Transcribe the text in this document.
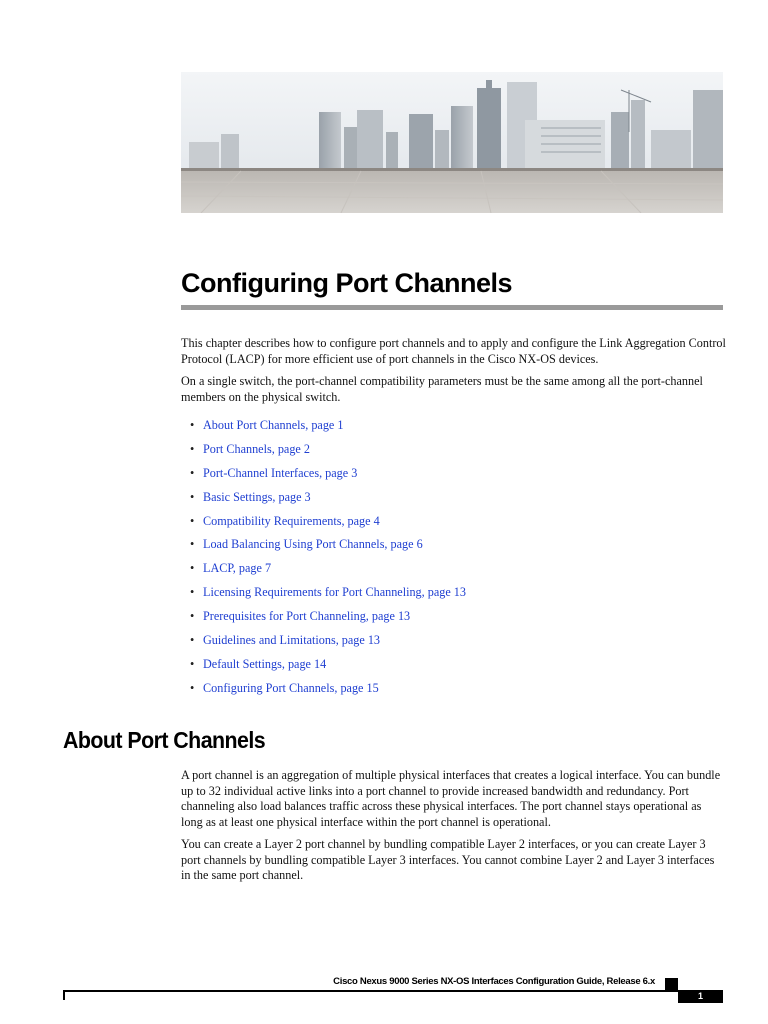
Configuring Port Channels

This chapter describes how to configure port channels and to apply and configure the Link Aggregation Control Protocol (LACP) for more efficient use of port channels in the Cisco NX-OS devices.

On a single switch, the port-channel compatibility parameters must be the same among all the port-channel members on the physical switch.

• About Port Channels, page 1
• Port Channels, page 2
• Port-Channel Interfaces, page 3
• Basic Settings, page 3
• Compatibility Requirements, page 4
• Load Balancing Using Port Channels, page 6
• LACP, page 7
• Licensing Requirements for Port Channeling, page 13
• Prerequisites for Port Channeling, page 13
• Guidelines and Limitations, page 13
• Default Settings, page 14
• Configuring Port Channels, page 15
About Port Channels

A port channel is an aggregation of multiple physical interfaces that creates a logical interface. You can bundle up to 32 individual active links into a port channel to provide increased bandwidth and redundancy. Port channeling also load balances traffic across these physical interfaces. The port channel stays operational as long as at least one physical interface within the port channel is operational.

You can create a Layer 2 port channel by bundling compatible Layer 2 interfaces, or you can create Layer 3 port channels by bundling compatible Layer 3 interfaces. You cannot combine Layer 2 and Layer 3 interfaces in the same port channel.

Cisco Nexus 9000 Series NX-OS Interfaces Configuration Guide, Release 6.x
1
